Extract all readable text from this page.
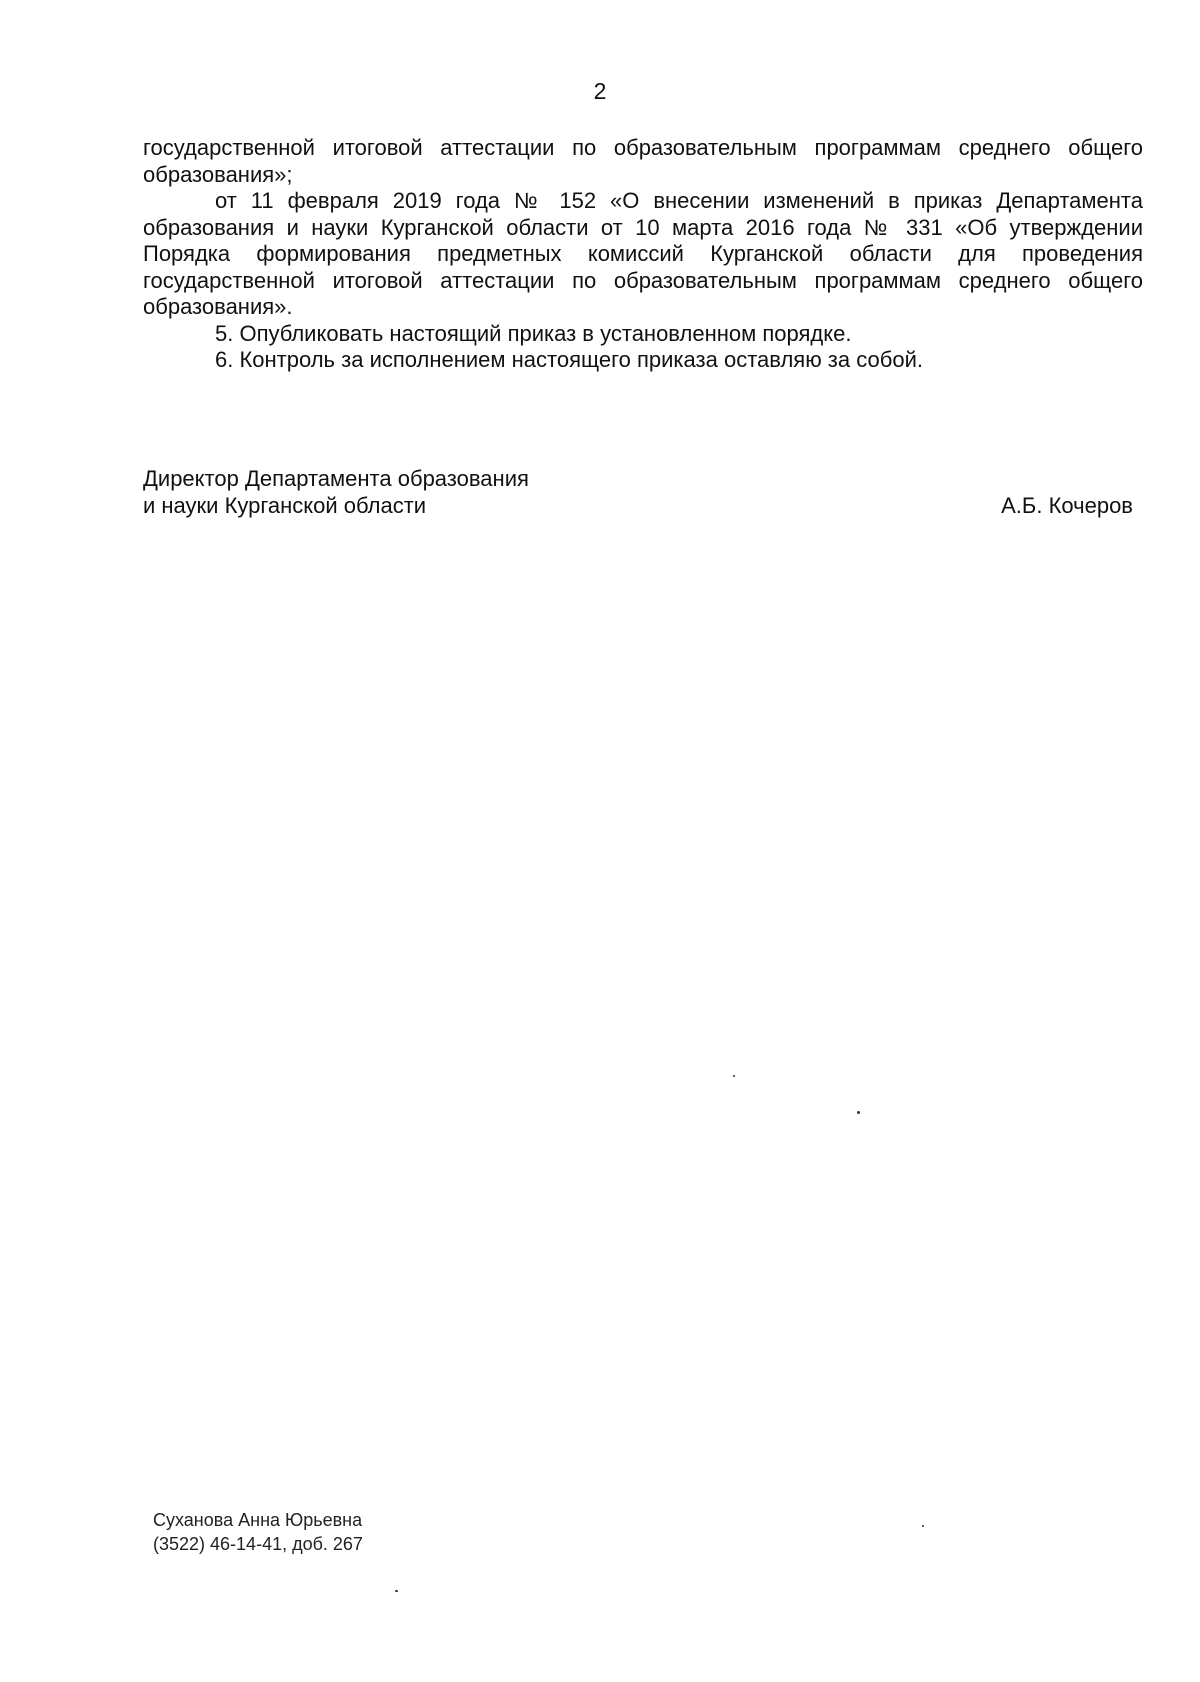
2

государственной итоговой аттестации по образовательным программам среднего общего образования»;

от 11 февраля 2019 года № 152 «О внесении изменений в приказ Департамента образования и науки Курганской области от 10 марта 2016 года № 331 «Об утверждении Порядка формирования предметных комиссий Курганской области для проведения государственной итоговой аттестации по образовательным программам среднего общего образования».

5. Опубликовать настоящий приказ в установленном порядке.

6. Контроль за исполнением настоящего приказа оставляю за собой.

Директор Департамента образования
и науки Курганской области	А.Б. Кочеров
Суханова Анна Юрьевна
(3522) 46-14-41, доб. 267
